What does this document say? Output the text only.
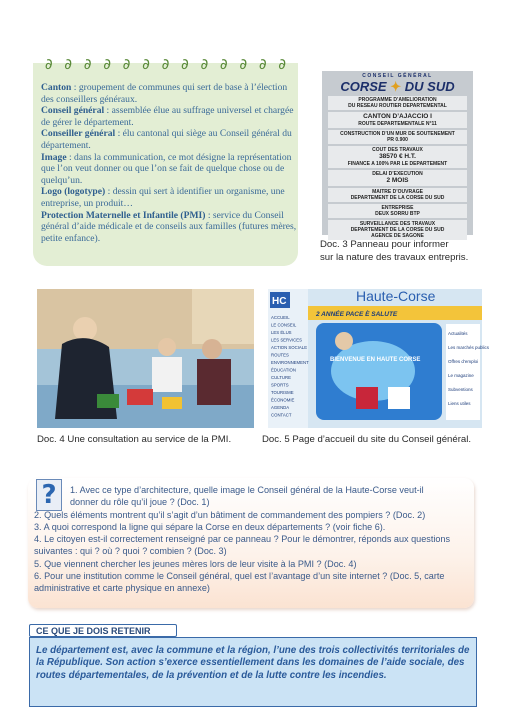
∂ ∂ ∂ ∂ ∂ ∂ ∂ ∂ ∂ ∂ ∂ ∂ ∂

Canton : groupement de communes qui sert de base à l’élection des conseillers généraux.

Conseil général : assemblée élue au suffrage universel et chargée de gérer le département.

Conseiller général : élu cantonal qui siège au Conseil général du département.

Image : dans la communication, ce mot désigne la représentation que l’on veut donner ou que l’on se fait de quelque chose ou de quelqu’un.

Logo (logotype) : dessin qui sert à identifier un organisme, une entreprise, un produit…

Protection Maternelle et Infantile (PMI) : service du Conseil général d’aide médicale et de conseils aux familles (futures mères, petite enfance).

CONSEIL GÉNÉRAL
CORSE ✦ DU SUD
PROGRAMME D’AMELIORATION
DU RESEAU ROUTIER DEPARTEMENTAL
CANTON D’AJACCIO I
ROUTE DEPARTEMENTALE N°11
CONSTRUCTION D’UN MUR DE SOUTENEMENT
PR 0.900
COUT DES TRAVAUX
38570 € H.T.
FINANCE A 100% PAR LE DEPARTEMENT
DELAI D’EXECUTION
2 MOIS
MAITRE D’OUVRAGE
DEPARTEMENT DE LA CORSE DU SUD
ENTREPRISE
DEUX SORRU BTP
SURVEILLANCE DES TRAVAUX
DEPARTEMENT DE LA CORSE DU SUD
AGENCE DE SAGONE
Doc. 3 Panneau pour informer
sur la nature des travaux entrepris.
Doc. 4 Une consultation au service de la PMI.
HC	Haute-Corse
2 ANNÉE PACE È SALUTE
BIENVENUE EN HAUTE CORSE
ACCUEIL
LE CONSEIL
LES ÉLUS
LES SERVICES
ACTION SOCIALE
ROUTES
ENVIRONNEMENT
ÉDUCATION
CULTURE
SPORTS
TOURISME
ÉCONOMIE
AGENDA
CONTACT
Actualités
Les marchés publics
Offres d’emploi
Le magazine
Subventions
Liens utiles
Doc. 5 Page d’accueil du site du Conseil général.
?	1. Avec ce type d’architecture, quelle image le Conseil général de la Haute-Corse veut-il

donner du rôle qu’il joue ? (Doc. 1)

2. Quels éléments montrent qu’il s’agit d’un bâtiment de commandement des pompiers ? (Doc. 2)

3. A quoi correspond la ligne qui sépare la Corse en deux départements ? (voir fiche 6).

4. Le citoyen est-il correctement renseigné par ce panneau ? Pour le démontrer, réponds aux questions

suivantes : qui ? où ? quoi ? combien ? (Doc. 3)

5. Que viennent chercher les jeunes mères lors de leur visite à la PMI ? (Doc. 4)

6. Pour une institution comme le Conseil général, quel est l’avantage d’un site internet ? (Doc. 5, carte

administrative et carte physique en annexe)

CE QUE JE DOIS RETENIR
Le département est, avec la commune et la région, l’une des trois collectivités territoriales de la République. Son action s’exerce essentiellement dans les domaines de l’aide sociale, des routes départementales, de la prévention et de la lutte contre les incendies.
